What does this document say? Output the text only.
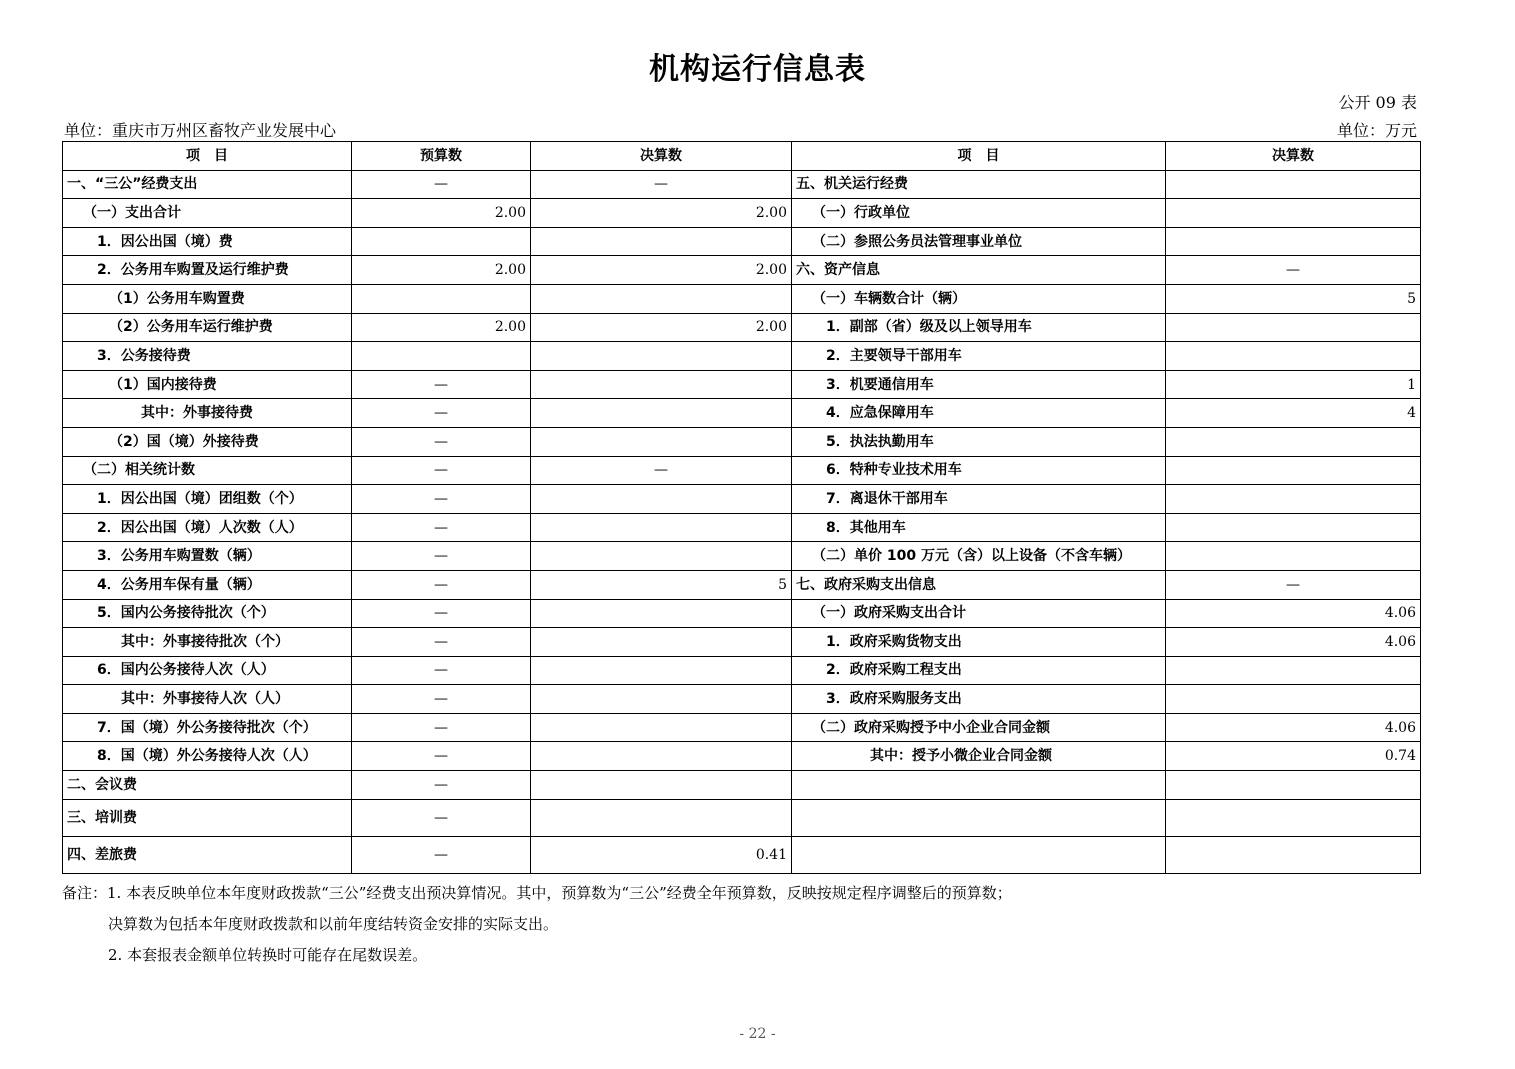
机构运行信息表
公开 09 表
单位：重庆市万州区畜牧产业发展中心	单位：万元
项　目	预算数	决算数	项　目	决算数
一、“三公”经费支出	—	—	五、机关运行经费	
（一）支出合计	2.00	2.00	（一）行政单位	
1．因公出国（境）费			（二）参照公务员法管理事业单位	
2．公务用车购置及运行维护费	2.00	2.00	六、资产信息	—
（1）公务用车购置费			（一）车辆数合计（辆）	5
（2）公务用车运行维护费	2.00	2.00	1．副部（省）级及以上领导用车	
3．公务接待费			2．主要领导干部用车	
（1）国内接待费	—		3．机要通信用车	1
其中：外事接待费	—		4．应急保障用车	4
（2）国（境）外接待费	—		5．执法执勤用车	
（二）相关统计数	—	—	6．特种专业技术用车	
1．因公出国（境）团组数（个）	—		7．离退休干部用车	
2．因公出国（境）人次数（人）	—		8．其他用车	
3．公务用车购置数（辆）	—		（二）单价 100 万元（含）以上设备（不含车辆）	
4．公务用车保有量（辆）	—	5	七、政府采购支出信息	—
5．国内公务接待批次（个）	—		（一）政府采购支出合计	4.06
其中：外事接待批次（个）	—		1．政府采购货物支出	4.06
6．国内公务接待人次（人）	—		2．政府采购工程支出	
其中：外事接待人次（人）	—		3．政府采购服务支出	
7．国（境）外公务接待批次（个）	—		（二）政府采购授予中小企业合同金额	4.06
8．国（境）外公务接待人次（人）	—		其中：授予小微企业合同金额	0.74
二、会议费	—			
三、培训费	—			
四、差旅费	—	0.41		
备注：1. 本表反映单位本年度财政拨款“三公”经费支出预决算情况。其中，预算数为“三公”经费全年预算数，反映按规定程序调整后的预算数；
决算数为包括本年度财政拨款和以前年度结转资金安排的实际支出。
2. 本套报表金额单位转换时可能存在尾数误差。
- 22 -
